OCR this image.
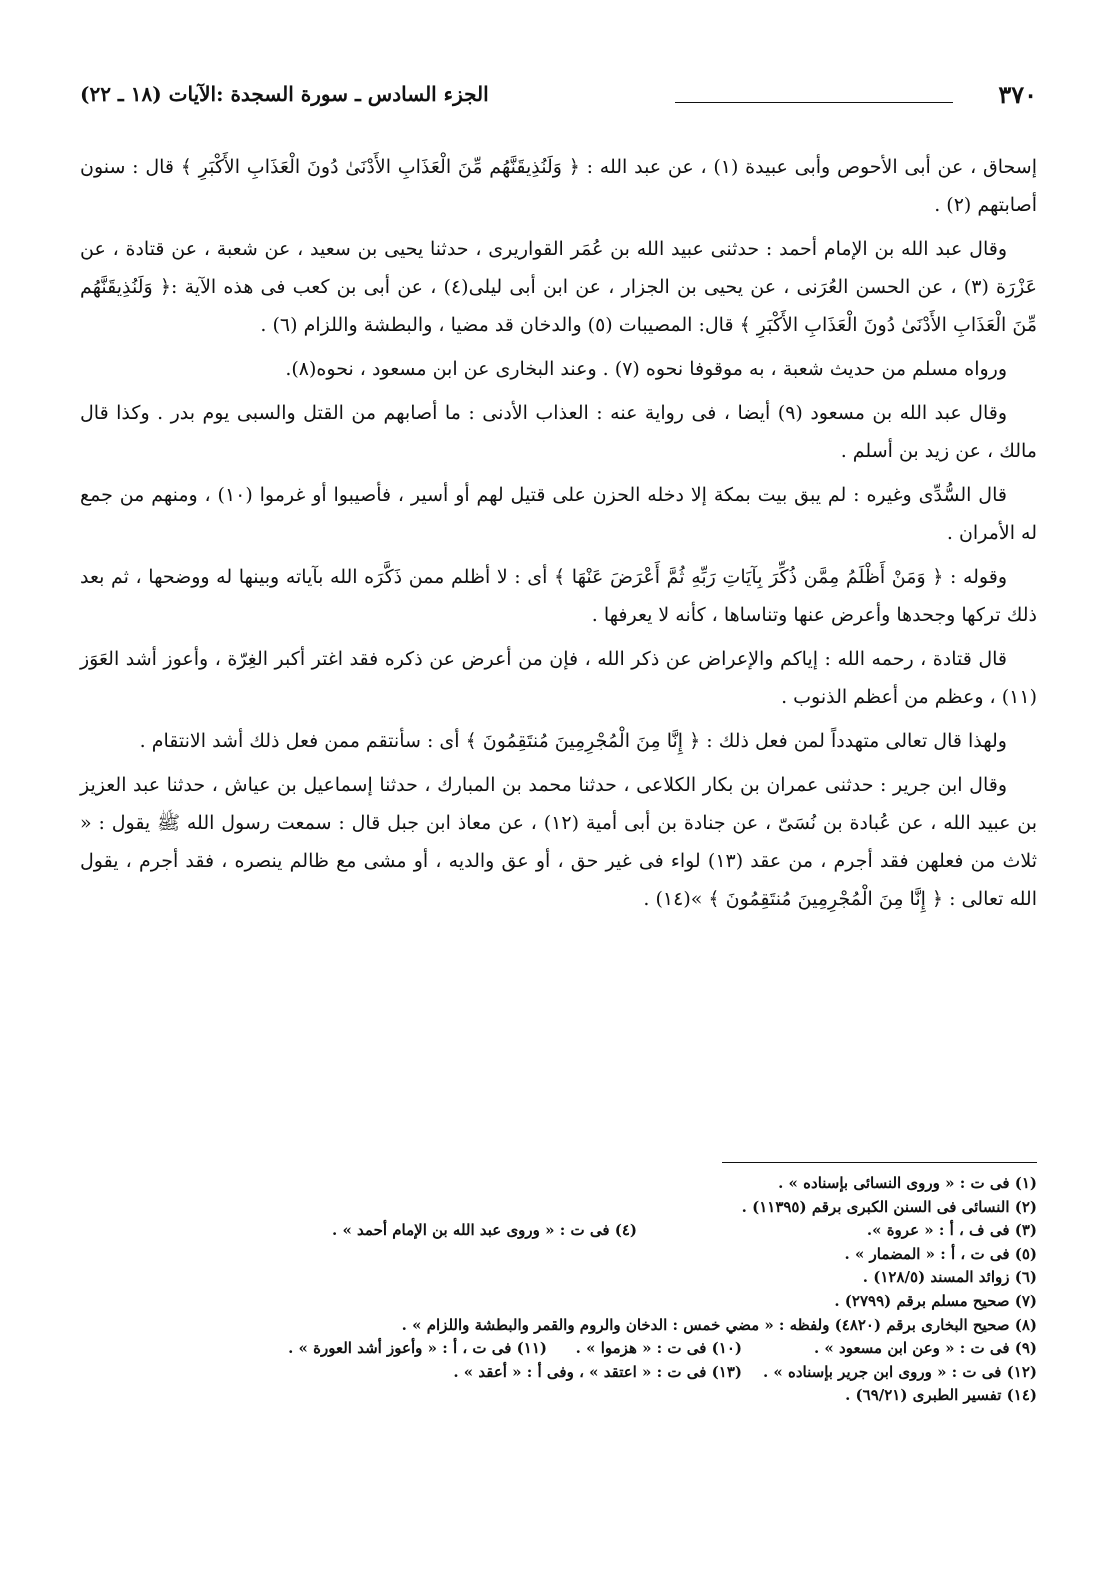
٣٧٠
الجزء السادس ـ سورة السجدة :الآيات (١٨ ـ ٢٢)

إسحاق ، عن أبى الأحوص وأبى عبيدة (١) ، عن عبد الله : ﴿ وَلَنُذِيقَنَّهُم مِّنَ الْعَذَابِ الأَدْنَىٰ دُونَ الْعَذَابِ الأَكْبَرِ ﴾ قال : سنون أصابتهم (٢) .

وقال عبد الله بن الإمام أحمد : حدثنى عبيد الله بن عُمَر القواريرى ، حدثنا يحيى بن سعيد ، عن شعبة ، عن قتادة ، عن عَزْرَة (٣) ، عن الحسن العُرَنى ، عن يحيى بن الجزار ، عن ابن أبى ليلى(٤) ، عن أبى بن كعب فى هذه الآية :﴿ وَلَنُذِيقَنَّهُم مِّنَ الْعَذَابِ الأَدْنَىٰ دُونَ الْعَذَابِ الأَكْبَرِ ﴾ قال: المصيبات (٥) والدخان قد مضيا ، والبطشة واللزام (٦) .

ورواه مسلم من حديث شعبة ، به موقوفا نحوه (٧) . وعند البخارى عن ابن مسعود ، نحوه(٨).

وقال عبد الله بن مسعود (٩) أيضا ، فى رواية عنه : العذاب الأدنى : ما أصابهم من القتل والسبى يوم بدر . وكذا قال مالك ، عن زيد بن أسلم .

قال السُّدِّى وغيره : لم يبق بيت بمكة إلا دخله الحزن على قتيل لهم أو أسير ، فأصيبوا أو غرموا (١٠) ، ومنهم من جمع له الأمران .

وقوله : ﴿ وَمَنْ أَظْلَمُ مِمَّن ذُكِّرَ بِآيَاتِ رَبِّهِ ثُمَّ أَعْرَضَ عَنْهَا ﴾ أى : لا أظلم ممن ذَكَّرَه الله بآياته وبينها له ووضحها ، ثم بعد ذلك تركها وجحدها وأعرض عنها وتناساها ، كأنه لا يعرفها .

قال قتادة ، رحمه الله : إياكم والإعراض عن ذكر الله ، فإن من أعرض عن ذكره فقد اغتر أكبر الغِرّة ، وأعوز أشد العَوَز (١١) ، وعظم من أعظم الذنوب .

ولهذا قال تعالى متهدداً لمن فعل ذلك : ﴿ إِنَّا مِنَ الْمُجْرِمِينَ مُنتَقِمُونَ ﴾ أى : سأنتقم ممن فعل ذلك أشد الانتقام .

وقال ابن جرير : حدثنى عمران بن بكار الكلاعى ، حدثنا محمد بن المبارك ، حدثنا إسماعيل بن عياش ، حدثنا عبد العزيز بن عبيد الله ، عن عُبادة بن نُسَىّ ، عن جنادة بن أبى أمية (١٢) ، عن معاذ ابن جبل قال : سمعت رسول الله ﷺ يقول : « ثلاث من فعلهن فقد أجرم ، من عقد (١٣) لواء فى غير حق ، أو عق والديه ، أو مشى مع ظالم ينصره ، فقد أجرم ، يقول الله تعالى : ﴿ إِنَّا مِنَ الْمُجْرِمِينَ مُنتَقِمُونَ ﴾ »(١٤) .

(١) فى ت : « وروى النسائى بإسناده » .
(٢) النسائى فى السنن الكبرى برقم (١١٣٩٥) .
(٣) فى ف ، أ : « عروة ».
(٤) فى ت : « وروى عبد الله بن الإمام أحمد » .
(٥) فى ت ، أ : « المضمار » .
(٦) زوائد المسند (١٢٨/٥) .
(٧) صحيح مسلم برقم (٢٧٩٩) .
(٨) صحيح البخارى برقم (٤٨٢٠) ولفظه : « مضي خمس : الدخان والروم والقمر والبطشة واللزام » .
(٩) فى ت : « وعن ابن مسعود » .
(١٠) فى ت : « هزموا » .
(١١) فى ت ، أ : « وأعوز أشد العورة » .
(١٢) فى ت : « وروى ابن جرير بإسناده » .
(١٣) فى ت : « اعتقد » ، وفى أ : « أعقد » .
(١٤) تفسير الطبرى (٦٩/٢١) .
